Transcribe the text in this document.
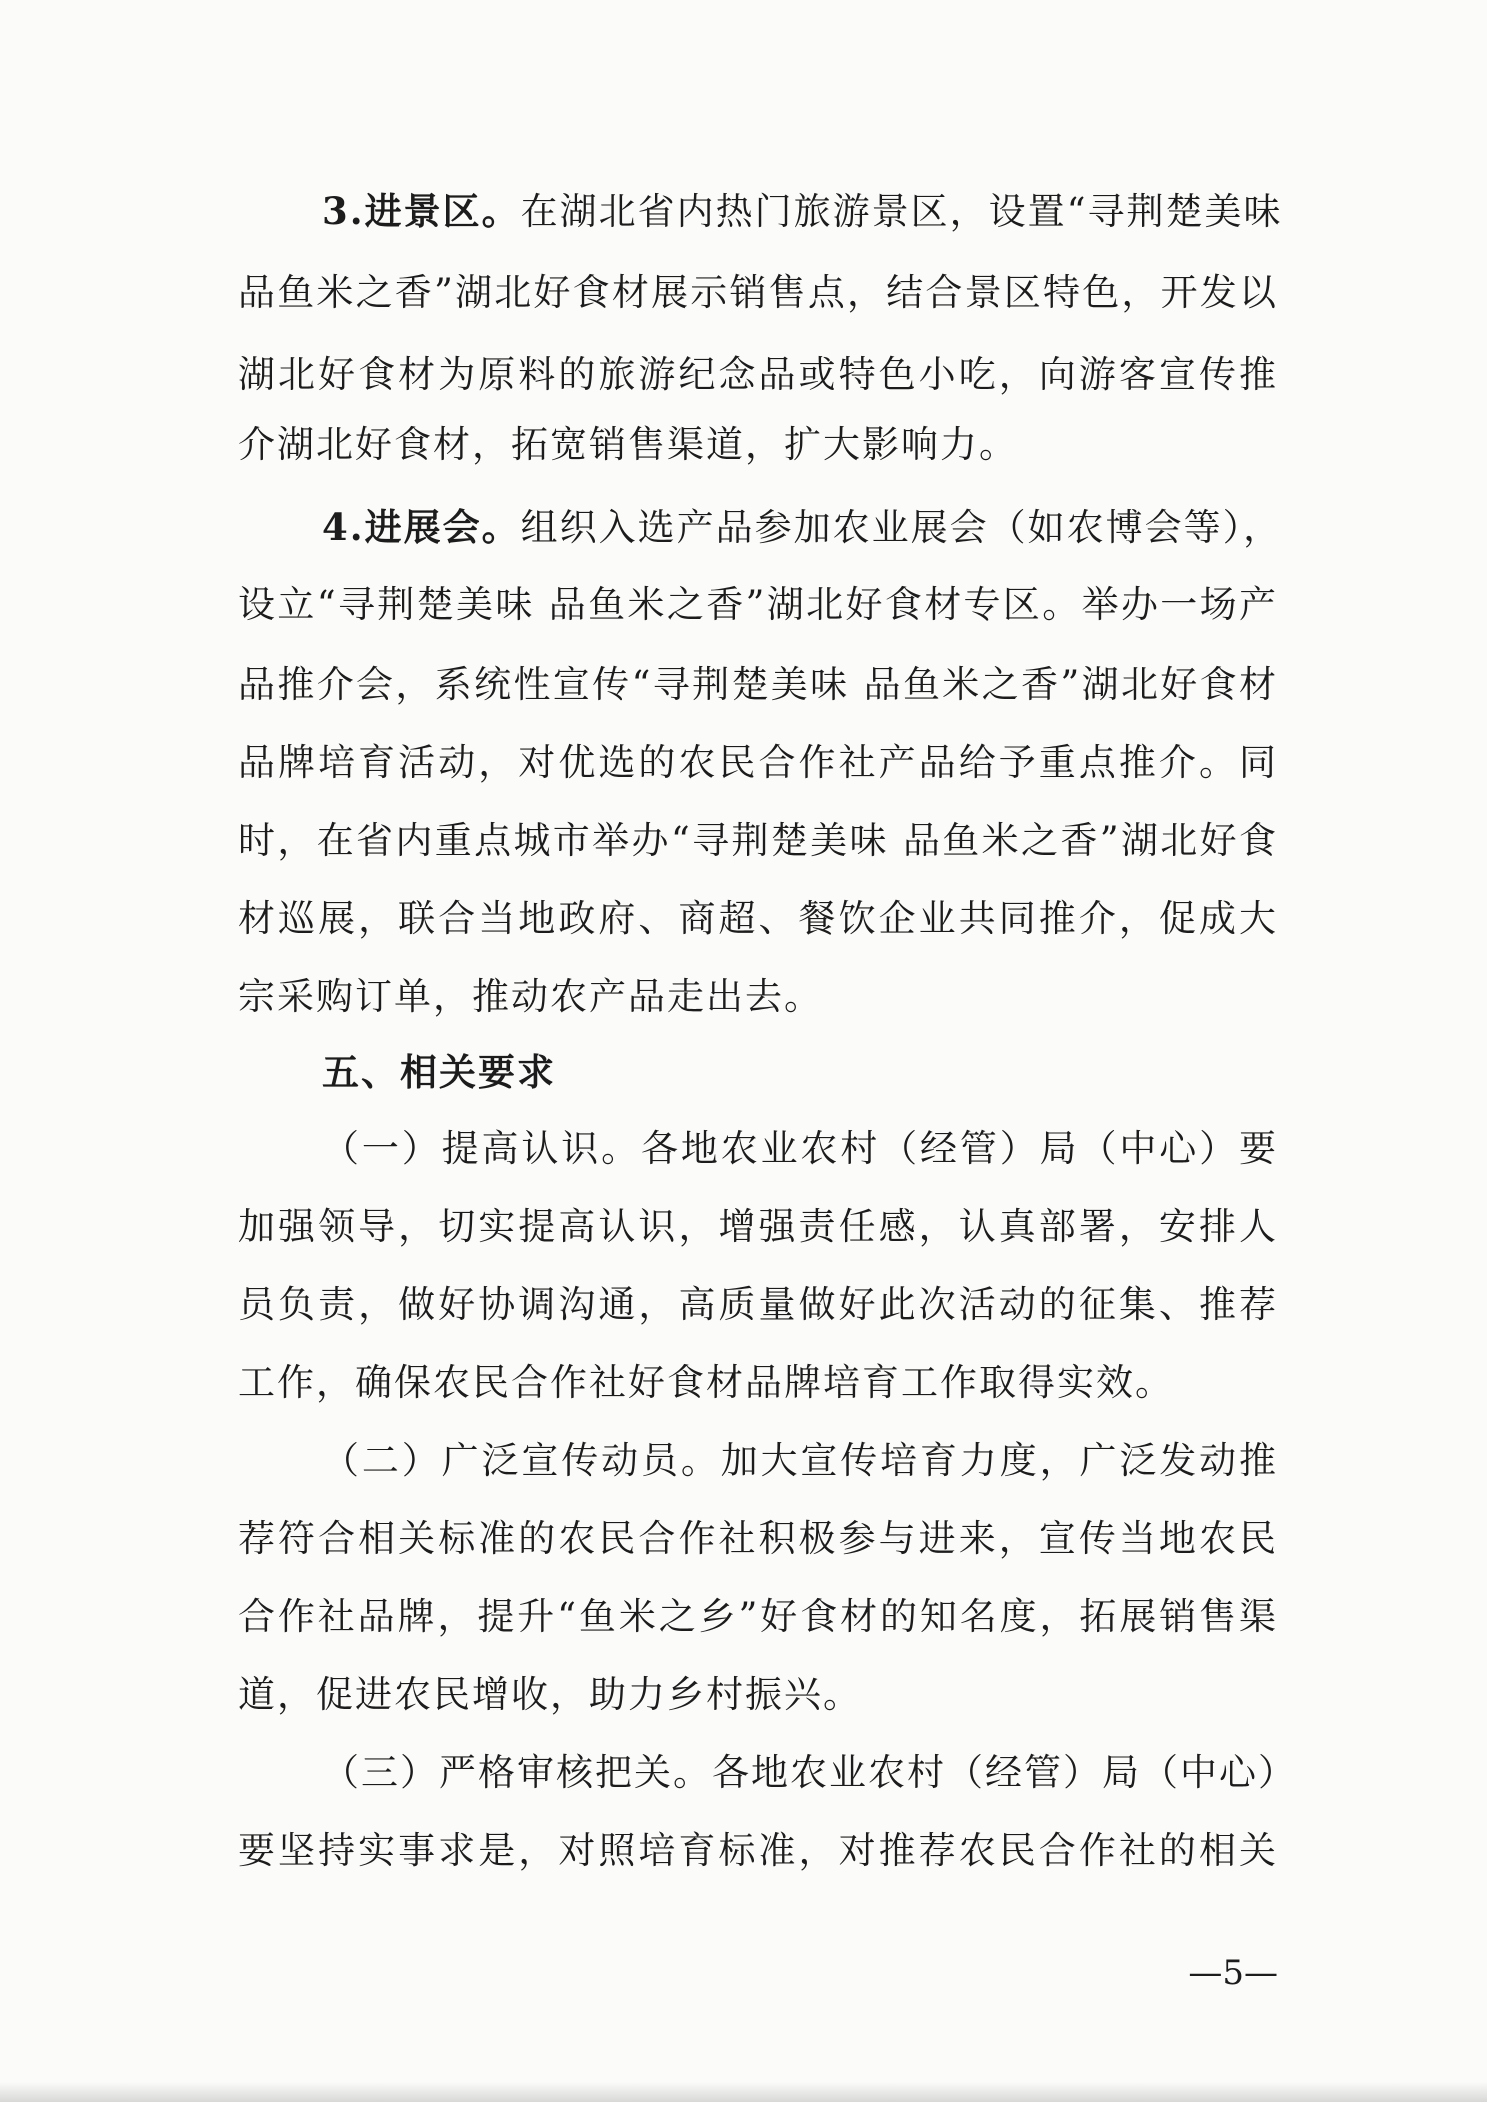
3.进景区。在湖北省内热门旅游景区，设置“寻荆楚美味
品鱼米之香”湖北好食材展示销售点，结合景区特色，开发以
湖北好食材为原料的旅游纪念品或特色小吃，向游客宣传推
介湖北好食材，拓宽销售渠道，扩大影响力。
4.进展会。组织入选产品参加农业展会（如农博会等），
设立“寻荆楚美味 品鱼米之香”湖北好食材专区。举办一场产
品推介会，系统性宣传“寻荆楚美味 品鱼米之香”湖北好食材
品牌培育活动，对优选的农民合作社产品给予重点推介。同
时，在省内重点城市举办“寻荆楚美味 品鱼米之香”湖北好食
材巡展，联合当地政府、商超、餐饮企业共同推介，促成大
宗采购订单，推动农产品走出去。
五、相关要求
（一）提高认识。各地农业农村（经管）局（中心）要
加强领导，切实提高认识，增强责任感，认真部署，安排人
员负责，做好协调沟通，高质量做好此次活动的征集、推荐
工作，确保农民合作社好食材品牌培育工作取得实效。
（二）广泛宣传动员。加大宣传培育力度，广泛发动推
荐符合相关标准的农民合作社积极参与进来，宣传当地农民
合作社品牌，提升“鱼米之乡”好食材的知名度，拓展销售渠
道，促进农民增收，助力乡村振兴。
（三）严格审核把关。各地农业农村（经管）局（中心）
要坚持实事求是，对照培育标准，对推荐农民合作社的相关
—5—
